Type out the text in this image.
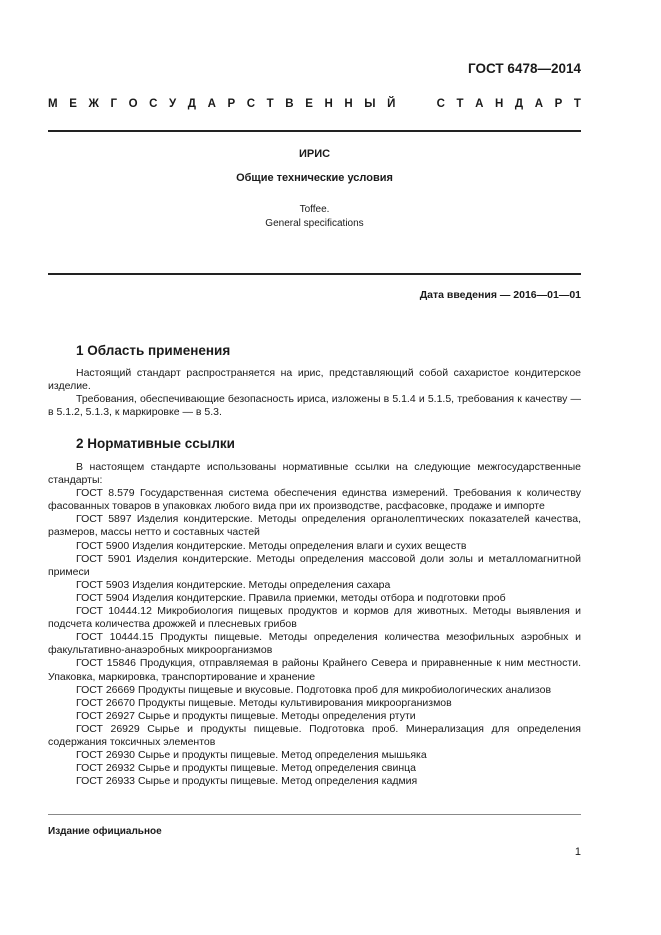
ГОСТ 6478—2014
М Е Ж Г О С У Д А Р С Т В Е Н Н Ы Й

	С Т А Н Д А Р Т
ИРИС
Общие технические условия
Toffee.
General specifications
Дата введения — 2016—01—01
1 Область применения

Настоящий стандарт распространяется на ирис, представляющий собой сахаристое кондитерское изделие.

Требования, обеспечивающие безопасность ириса, изложены в 5.1.4 и 5.1.5, требования к качеству — в 5.1.2, 5.1.3, к маркировке — в 5.3.

2 Нормативные ссылки

В настоящем стандарте использованы нормативные ссылки на следующие межгосударственные стандарты:

ГОСТ 8.579 Государственная система обеспечения единства измерений. Требования к количеству фасованных товаров в упаковках любого вида при их производстве, расфасовке, продаже и импорте

ГОСТ 5897 Изделия кондитерские. Методы определения органолептических показателей качества, размеров, массы нетто и составных частей

ГОСТ 5900 Изделия кондитерские. Методы определения влаги и сухих веществ

ГОСТ 5901 Изделия кондитерские. Методы определения массовой доли золы и металломагнитной примеси

ГОСТ 5903 Изделия кондитерские. Методы определения сахара

ГОСТ 5904 Изделия кондитерские. Правила приемки, методы отбора и подготовки проб

ГОСТ 10444.12 Микробиология пищевых продуктов и кормов для животных. Методы выявления и подсчета количества дрожжей и плесневых грибов

ГОСТ 10444.15 Продукты пищевые. Методы определения количества мезофильных аэробных и факультативно-анаэробных микроорганизмов

ГОСТ 15846 Продукция, отправляемая в районы Крайнего Севера и приравненные к ним местности. Упаковка, маркировка, транспортирование и хранение

ГОСТ 26669 Продукты пищевые и вкусовые. Подготовка проб для микробиологических анализов

ГОСТ 26670 Продукты пищевые. Методы культивирования микроорганизмов

ГОСТ 26927 Сырье и продукты пищевые. Методы определения ртути

ГОСТ 26929 Сырье и продукты пищевые. Подготовка проб. Минерализация для определения содержания токсичных элементов

ГОСТ 26930 Сырье и продукты пищевые. Метод определения мышьяка

ГОСТ 26932 Сырье и продукты пищевые. Метод определения свинца

ГОСТ 26933 Сырье и продукты пищевые. Метод определения кадмия

Издание официальное
1
